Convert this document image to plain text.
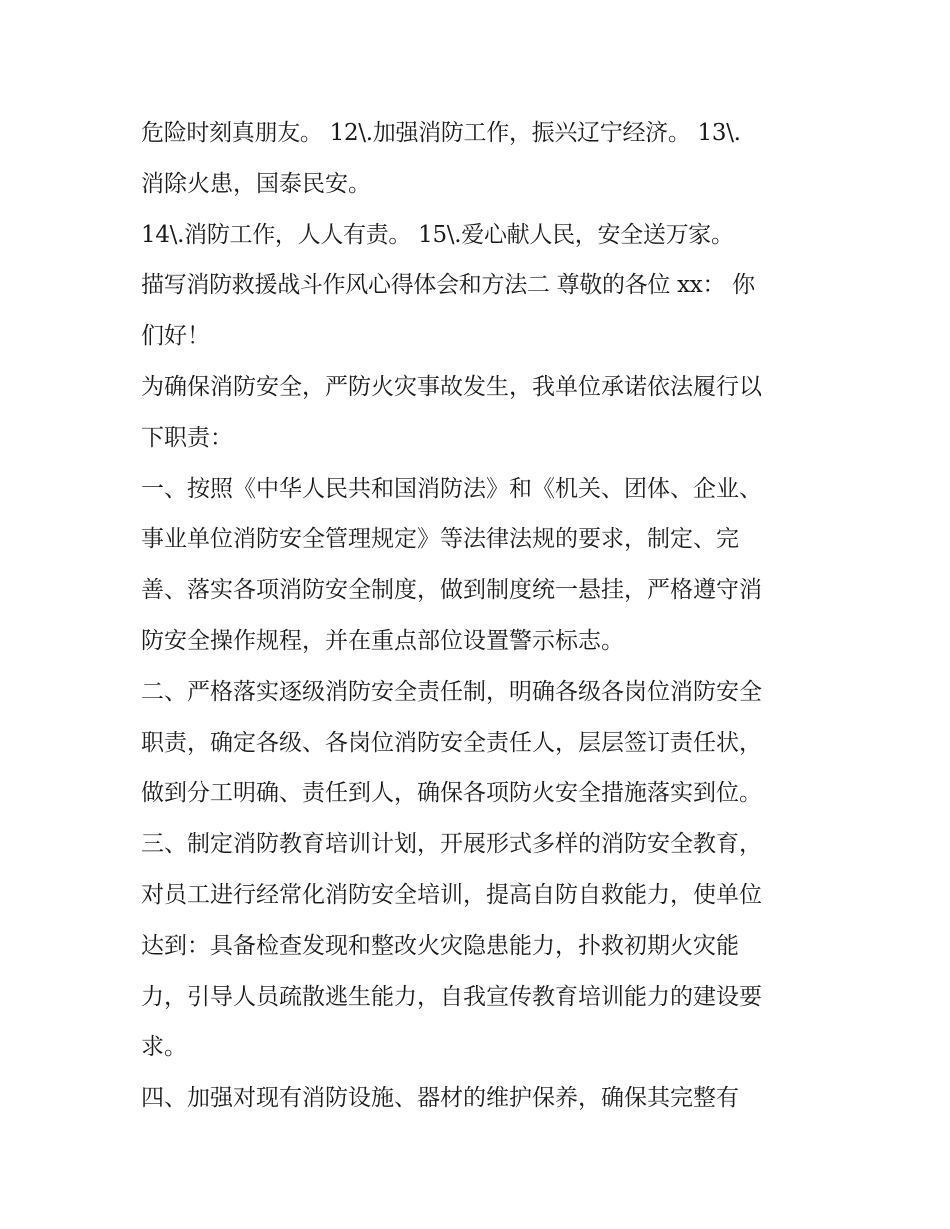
危险时刻真朋友。 12\.加强消防工作，振兴辽宁经济。 13\.
消除火患，国泰民安。
14\.消防工作，人人有责。 15\.爱心献人民，安全送万家。
描写消防救援战斗作风心得体会和方法二 尊敬的各位 xx： 你
们好！
为确保消防安全，严防火灾事故发生，我单位承诺依法履行以
下职责：
一、按照《中华人民共和国消防法》和《机关、团体、企业、
事业单位消防安全管理规定》等法律法规的要求，制定、完
善、落实各项消防安全制度，做到制度统一悬挂，严格遵守消
防安全操作规程，并在重点部位设置警示标志。
二、严格落实逐级消防安全责任制，明确各级各岗位消防安全
职责，确定各级、各岗位消防安全责任人，层层签订责任状，
做到分工明确、责任到人，确保各项防火安全措施落实到位。
三、制定消防教育培训计划，开展形式多样的消防安全教育，
对员工进行经常化消防安全培训，提高自防自救能力，使单位
达到：具备检查发现和整改火灾隐患能力，扑救初期火灾能
力，引导人员疏散逃生能力，自我宣传教育培训能力的建设要
求。
四、加强对现有消防设施、器材的维护保养，确保其完整有
